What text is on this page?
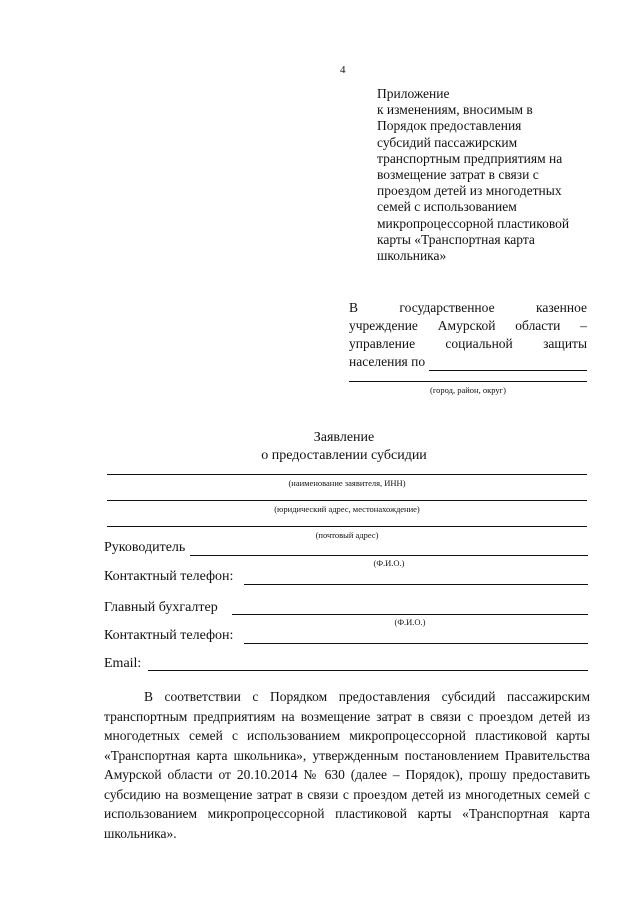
4
Приложение
к изменениям, вносимым в
Порядок предоставления
субсидий пассажирским
транспортным предприятиям на
возмещение затрат в связи с
проездом детей из многодетных
семей с использованием
микропроцессорной пластиковой
карты «Транспортная карта
школьника»
В	государственное	казенное
учреждение Амурской области –
управление социальной защиты
населения по
(город, район, округ)
Заявление
о предоставлении субсидии
(наименование заявителя, ИНН)
(юридический адрес, местонахождение)
(почтовый адрес)
Руководитель
(Ф.И.О.)
Контактный телефон:
Главный бухгалтер
(Ф.И.О.)
Контактный телефон:
Email:
В соответствии с Порядком предоставления субсидий пассажирским транспортным предприятиям на возмещение затрат в связи с проездом детей из многодетных семей с использованием микропроцессорной пластиковой карты «Транспортная карта школьника», утвержденным постановлением Правительства Амурской области от 20.10.2014 № 630 (далее – Порядок), прошу предоставить субсидию на возмещение затрат в связи с проездом детей из многодетных семей с использованием микропроцессорной пластиковой карты «Транспортная карта школьника».
